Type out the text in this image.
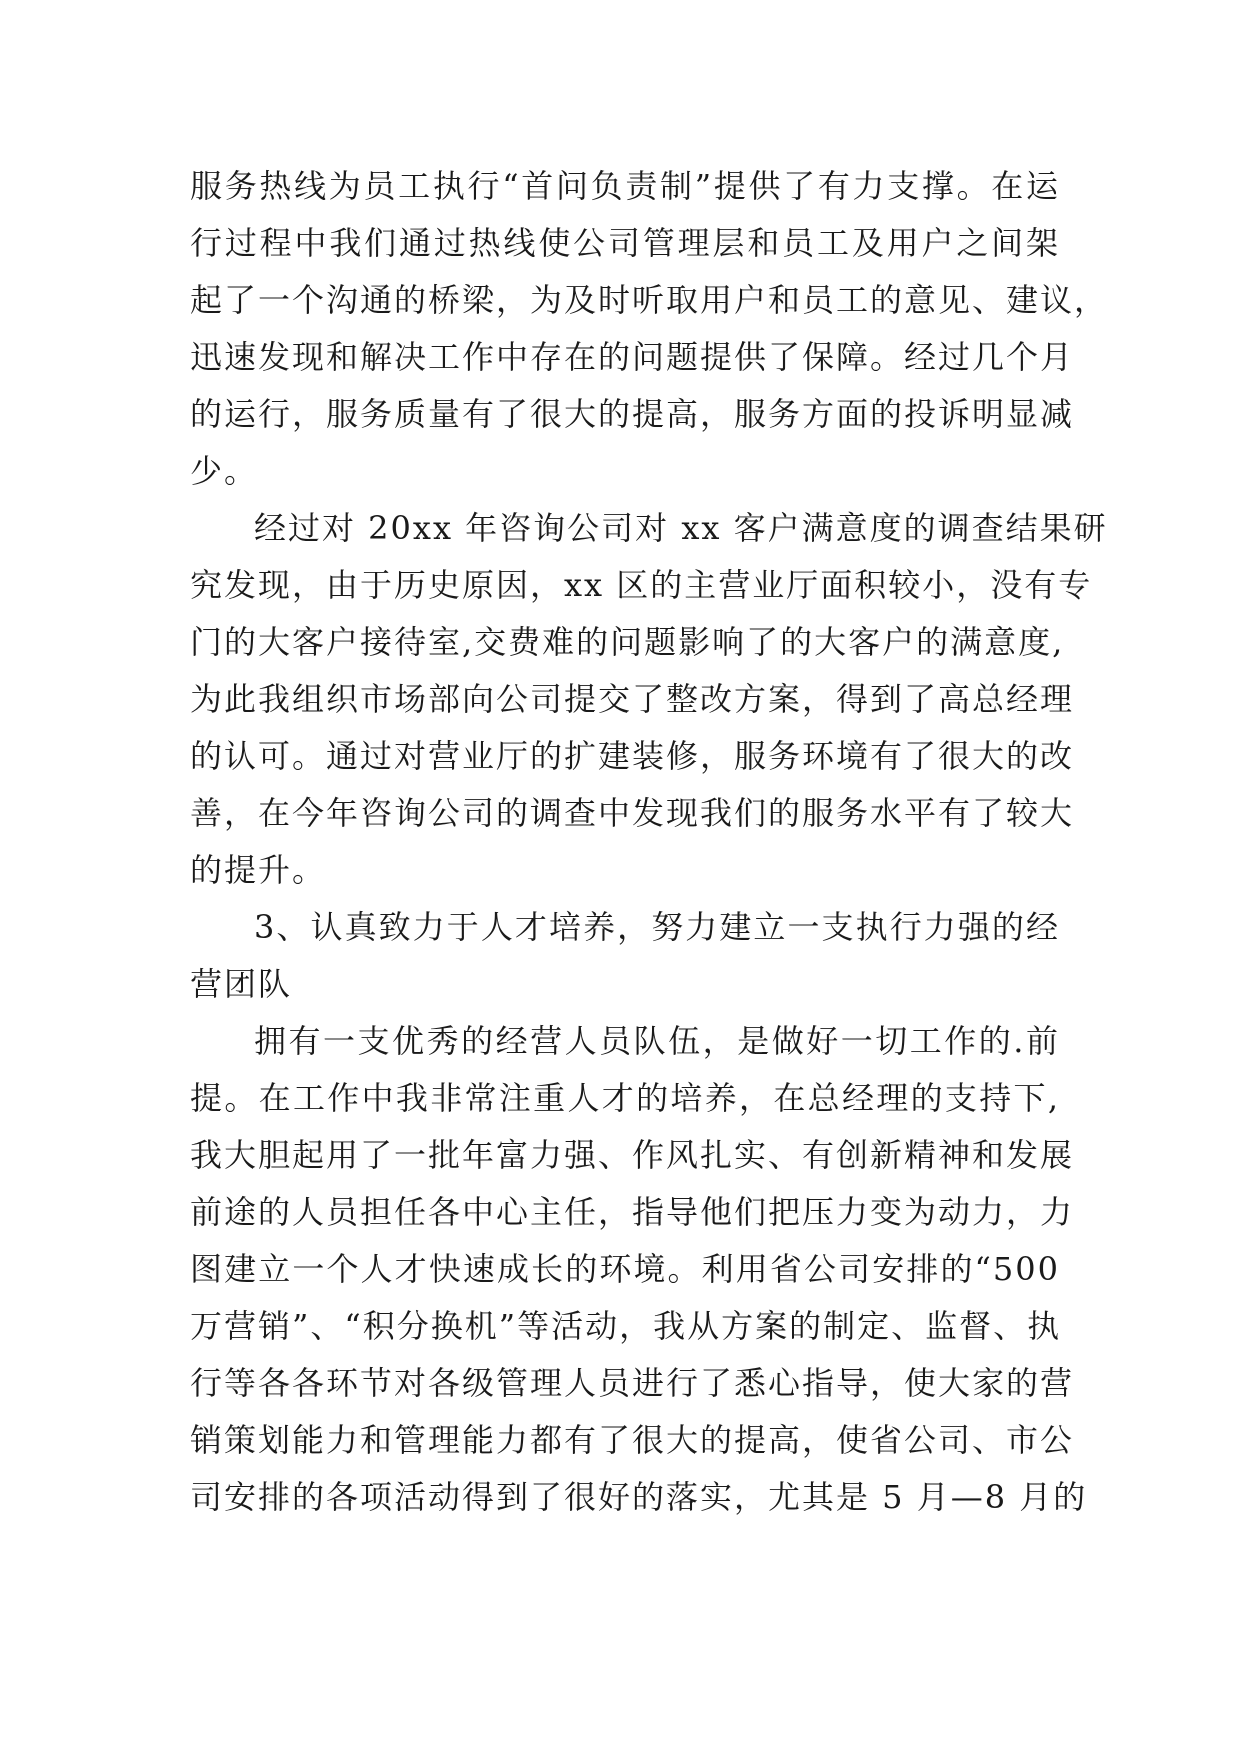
服务热线为员工执行“首问负责制”提供了有力支撑。在运
行过程中我们通过热线使公司管理层和员工及用户之间架
起了一个沟通的桥梁，为及时听取用户和员工的意见、建议，
迅速发现和解决工作中存在的问题提供了保障。经过几个月
的运行，服务质量有了很大的提高，服务方面的投诉明显减
少。
经过对 20xx 年咨询公司对 xx 客户满意度的调查结果研
究发现，由于历史原因，xx 区的主营业厅面积较小，没有专
门的大客户接待室,交费难的问题影响了的大客户的满意度,
为此我组织市场部向公司提交了整改方案，得到了高总经理
的认可。通过对营业厅的扩建装修，服务环境有了很大的改
善，在今年咨询公司的调查中发现我们的服务水平有了较大
的提升。
3、认真致力于人才培养，努力建立一支执行力强的经
营团队
拥有一支优秀的经营人员队伍，是做好一切工作的.前
提。在工作中我非常注重人才的培养，在总经理的支持下,
我大胆起用了一批年富力强、作风扎实、有创新精神和发展
前途的人员担任各中心主任，指导他们把压力变为动力，力
图建立一个人才快速成长的环境。利用省公司安排的“500
万营销”、“积分换机”等活动，我从方案的制定、监督、执
行等各各环节对各级管理人员进行了悉心指导，使大家的营
销策划能力和管理能力都有了很大的提高，使省公司、市公
司安排的各项活动得到了很好的落实，尤其是 5 月—8 月的
